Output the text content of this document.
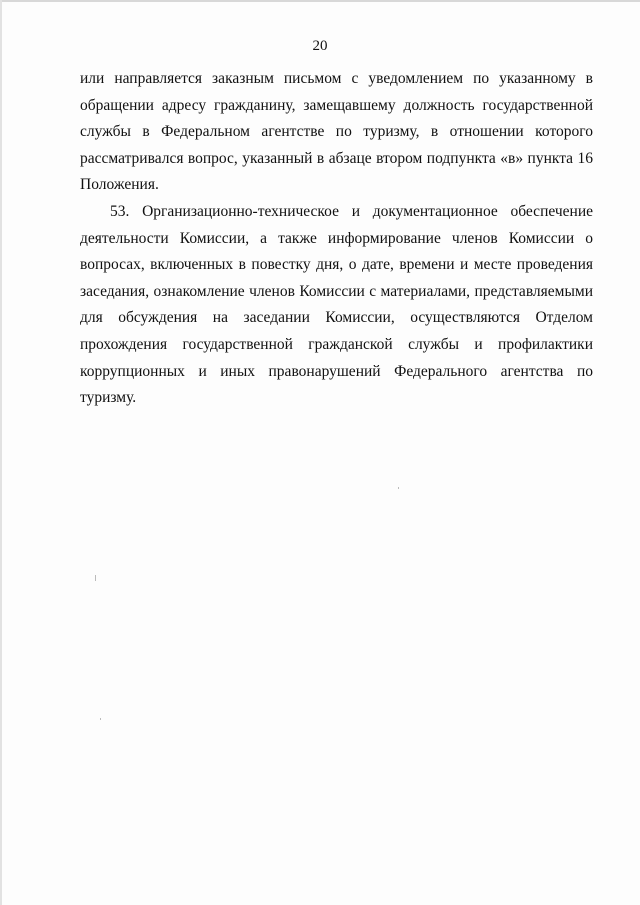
20

или направляется заказным письмом с уведомлением по указанному в обращении адресу гражданину, замещавшему должность государственной службы в Федеральном агентстве по туризму, в отношении которого рассматривался вопрос, указанный в абзаце втором подпункта «в» пункта 16 Положения.

53. Организационно-техническое и документационное обеспечение деятельности Комиссии, а также информирование членов Комиссии о вопросах, включенных в повестку дня, о дате, времени и месте проведения заседания, ознакомление членов Комиссии с материалами, представляемыми для обсуждения на заседании Комиссии, осуществляются Отделом прохождения государственной гражданской службы и профилактики коррупционных и иных правонарушений Федерального агентства по туризму.
